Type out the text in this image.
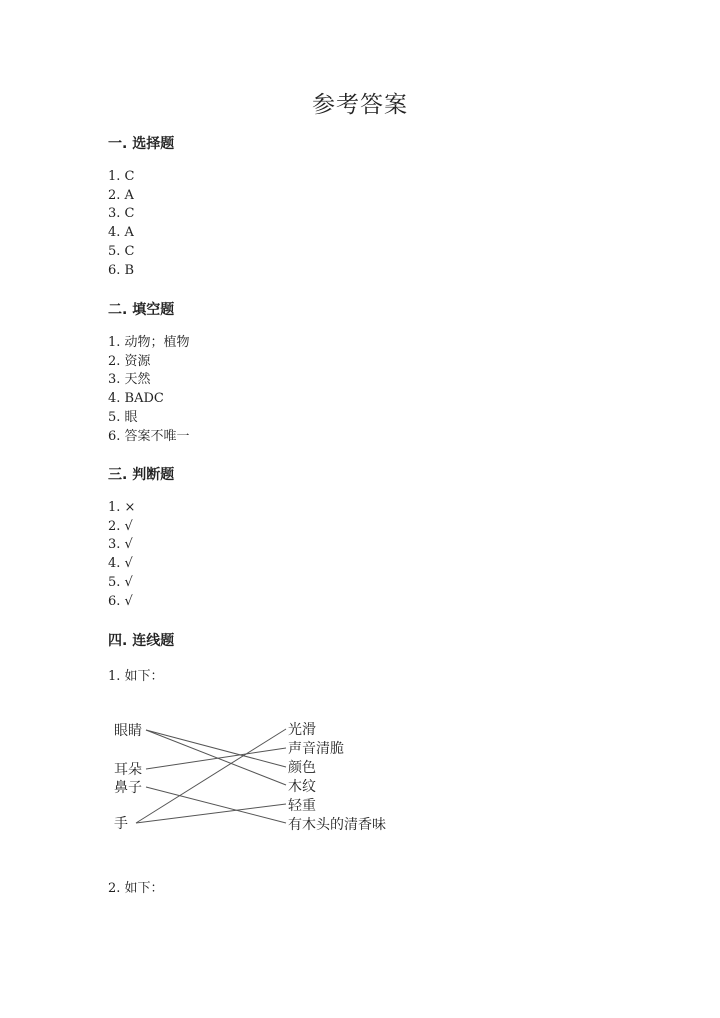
参考答案
一. 选择题
1. C
2. A
3. C
4. A
5. C
6. B
二. 填空题
1. 动物；植物
2. 资源
3. 天然
4. BADC
5. 眼
6. 答案不唯一
三. 判断题
1. ×
2. √
3. √
4. √
5. √
6. √
四. 连线题
1. 如下：
眼睛
耳朵
鼻子
手
光滑
声音清脆
颜色
木纹
轻重
有木头的清香味
2. 如下：
